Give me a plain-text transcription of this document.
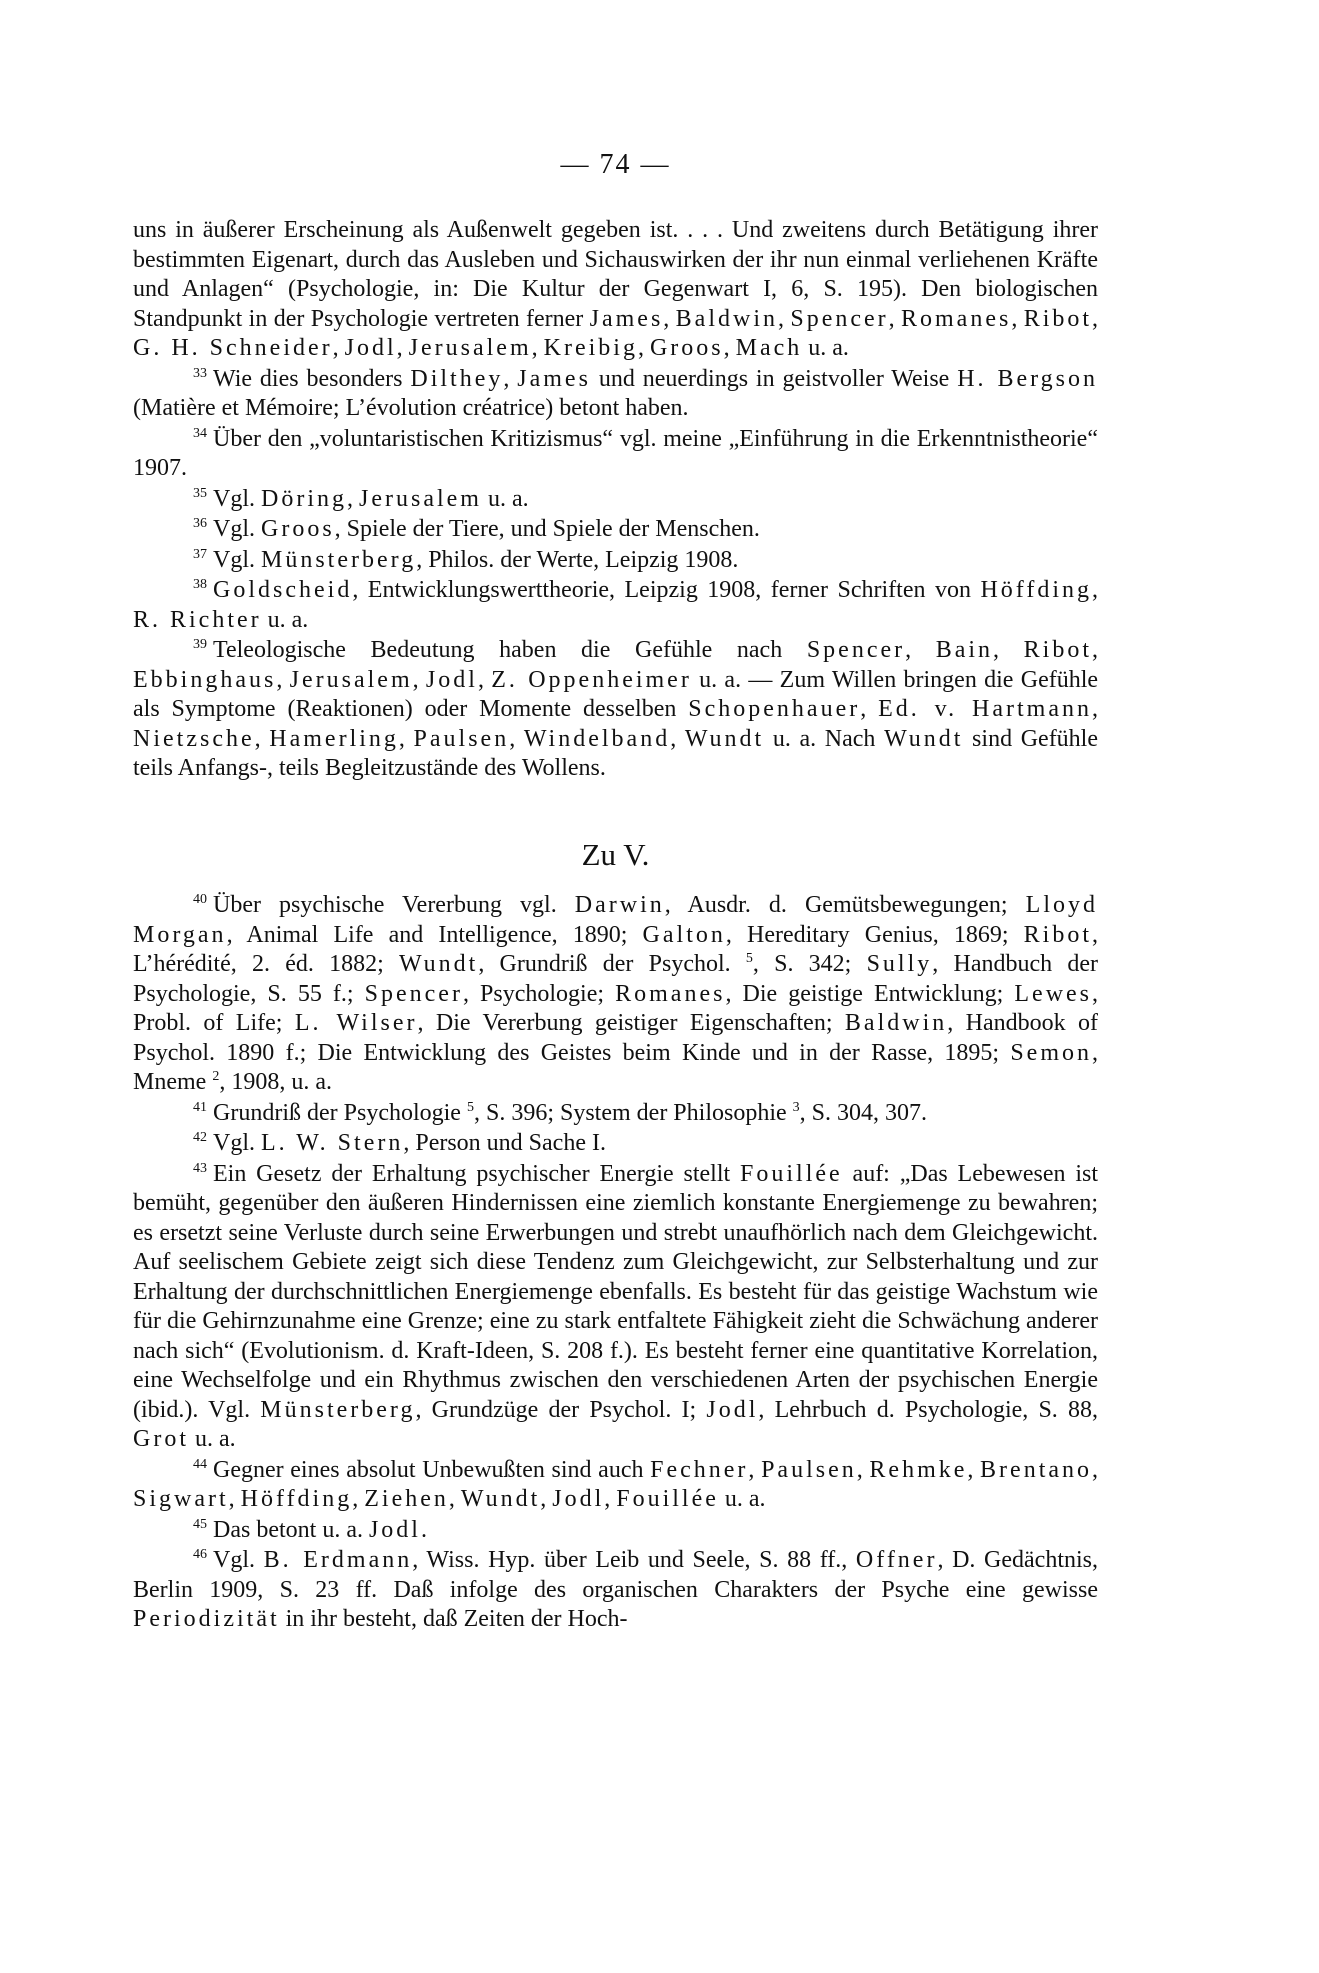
— 74 —

uns in äußerer Erscheinung als Außenwelt gegeben ist. . . . Und zweitens durch Betätigung ihrer bestimmten Eigenart, durch das Ausleben und Sichauswirken der ihr nun einmal verliehenen Kräfte und Anlagen“ (Psychologie, in: Die Kultur der Gegenwart I, 6, S. 195). Den biologischen Standpunkt in der Psychologie vertreten ferner James, Baldwin, Spencer, Romanes, Ribot, G. H. Schneider, Jodl, Jerusalem, Kreibig, Groos, Mach u. a.

$^{33}$ Wie dies besonders Dilthey, James und neuerdings in geistvoller Weise H. Bergson (Matière et Mémoire; L’évolution créatrice) betont haben.

$^{34}$ Über den „voluntaristischen Kritizismus“ vgl. meine „Einführung in die Erkenntnistheorie“ 1907.

$^{35}$ Vgl. Döring, Jerusalem u. a.

$^{36}$ Vgl. Groos, Spiele der Tiere, und Spiele der Menschen.

$^{37}$ Vgl. Münsterberg, Philos. der Werte, Leipzig 1908.

$^{38}$ Goldscheid, Entwicklungswerttheorie, Leipzig 1908, ferner Schriften von Höffding, R. Richter u. a.

$^{39}$ Teleologische Bedeutung haben die Gefühle nach Spencer, Bain, Ribot, Ebbinghaus, Jerusalem, Jodl, Z. Oppenheimer u. a. — Zum Willen bringen die Gefühle als Symptome (Reaktionen) oder Momente desselben Schopenhauer, Ed. v. Hartmann, Nietzsche, Hamerling, Paulsen, Windelband, Wundt u. a. Nach Wundt sind Gefühle teils Anfangs-, teils Begleitzustände des Wollens.

Zu V.

$^{40}$ Über psychische Vererbung vgl. Darwin, Ausdr. d. Gemütsbewegungen; Lloyd Morgan, Animal Life and Intelligence, 1890; Galton, Hereditary Genius, 1869; Ribot, L’hérédité, 2. éd. 1882; Wundt, Grundriß der Psychol. $^5$, S. 342; Sully, Handbuch der Psychologie, S. 55 f.; Spencer, Psychologie; Romanes, Die geistige Entwicklung; Lewes, Probl. of Life; L. Wilser, Die Vererbung geistiger Eigenschaften; Baldwin, Handbook of Psychol. 1890 f.; Die Entwicklung des Geistes beim Kinde und in der Rasse, 1895; Semon, Mneme $^2$, 1908, u. a.

$^{41}$ Grundriß der Psychologie $^5$, S. 396; System der Philosophie $^3$, S. 304, 307.

$^{42}$ Vgl. L. W. Stern, Person und Sache I.

$^{43}$ Ein Gesetz der Erhaltung psychischer Energie stellt Fouillée auf: „Das Lebewesen ist bemüht, gegenüber den äußeren Hindernissen eine ziemlich konstante Energiemenge zu bewahren; es ersetzt seine Verluste durch seine Erwerbungen und strebt unaufhörlich nach dem Gleichgewicht. Auf seelischem Gebiete zeigt sich diese Tendenz zum Gleichgewicht, zur Selbsterhaltung und zur Erhaltung der durchschnittlichen Energiemenge ebenfalls. Es besteht für das geistige Wachstum wie für die Gehirnzunahme eine Grenze; eine zu stark entfaltete Fähigkeit zieht die Schwächung anderer nach sich“ (Evolutionism. d. Kraft-Ideen, S. 208 f.). Es besteht ferner eine quantitative Korrelation, eine Wechselfolge und ein Rhythmus zwischen den verschiedenen Arten der psychischen Energie (ibid.). Vgl. Münsterberg, Grundzüge der Psychol. I; Jodl, Lehrbuch d. Psychologie, S. 88, Grot u. a.

$^{44}$ Gegner eines absolut Unbewußten sind auch Fechner, Paulsen, Rehmke, Brentano, Sigwart, Höffding, Ziehen, Wundt, Jodl, Fouillée u. a.

$^{45}$ Das betont u. a. Jodl.

$^{46}$ Vgl. B. Erdmann, Wiss. Hyp. über Leib und Seele, S. 88 ff., Offner, D. Gedächtnis, Berlin 1909, S. 23 ff. Daß infolge des organischen Charakters der Psyche eine gewisse Periodizität in ihr besteht, daß Zeiten der Hoch-
